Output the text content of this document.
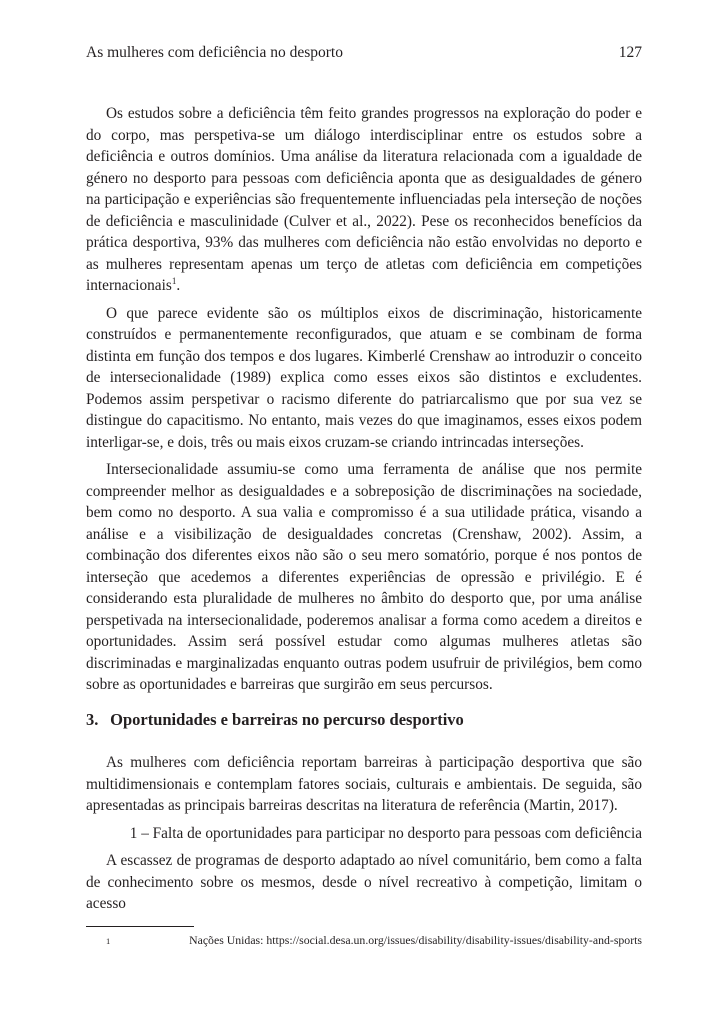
As mulheres com deficiência no desporto	127

Os estudos sobre a deficiência têm feito grandes progressos na exploração do poder e do corpo, mas perspetiva-se um diálogo interdisciplinar entre os estudos sobre a deficiência e outros domínios. Uma análise da literatura relacionada com a igualdade de género no desporto para pessoas com deficiência aponta que as desigualdades de género na participação e experiências são frequentemente influenciadas pela interseção de noções de deficiência e masculinidade (Culver et al., 2022). Pese os reconhecidos benefícios da prática desportiva, 93% das mulheres com deficiência não estão envolvidas no deporto e as mulheres representam apenas um terço de atletas com deficiência em competições internacionais$^1$.

O que parece evidente são os múltiplos eixos de discriminação, historicamente construídos e permanentemente reconfigurados, que atuam e se combinam de forma distinta em função dos tempos e dos lugares. Kimberlé Crenshaw ao introduzir o conceito de intersecionalidade (1989) explica como esses eixos são distintos e excludentes. Podemos assim perspetivar o racismo diferente do patriarcalismo que por sua vez se distingue do capacitismo. No entanto, mais vezes do que imaginamos, esses eixos podem interligar-se, e dois, três ou mais eixos cruzam-se criando intrincadas interseções.

Intersecionalidade assumiu-se como uma ferramenta de análise que nos permite compreender melhor as desigualdades e a sobreposição de discriminações na sociedade, bem como no desporto. A sua valia e compromisso é a sua utilidade prática, visando a análise e a visibilização de desigualdades concretas (Crenshaw, 2002). Assim, a combinação dos diferentes eixos não são o seu mero somatório, porque é nos pontos de interseção que acedemos a diferentes experiências de opressão e privilégio. E é considerando esta pluralidade de mulheres no âmbito do desporto que, por uma análise perspetivada na intersecionalidade, poderemos analisar a forma como acedem a direitos e oportunidades. Assim será possível estudar como algumas mulheres atletas são discriminadas e marginalizadas enquanto outras podem usufruir de privilégios, bem como sobre as oportunidades e barreiras que surgirão em seus percursos.

3. Oportunidades e barreiras no percurso desportivo

As mulheres com deficiência reportam barreiras à participação desportiva que são multidimensionais e contemplam fatores sociais, culturais e ambientais. De seguida, são apresentadas as principais barreiras descritas na literatura de referência (Martin, 2017).

1 – Falta de oportunidades para participar no desporto para pessoas com deficiência

A escassez de programas de desporto adaptado ao nível comunitário, bem como a falta de conhecimento sobre os mesmos, desde o nível recreativo à competição, limitam o acesso

1	Nações Unidas: https://social.desa.un.org/issues/disability/disability-issues/disability-and-sports
